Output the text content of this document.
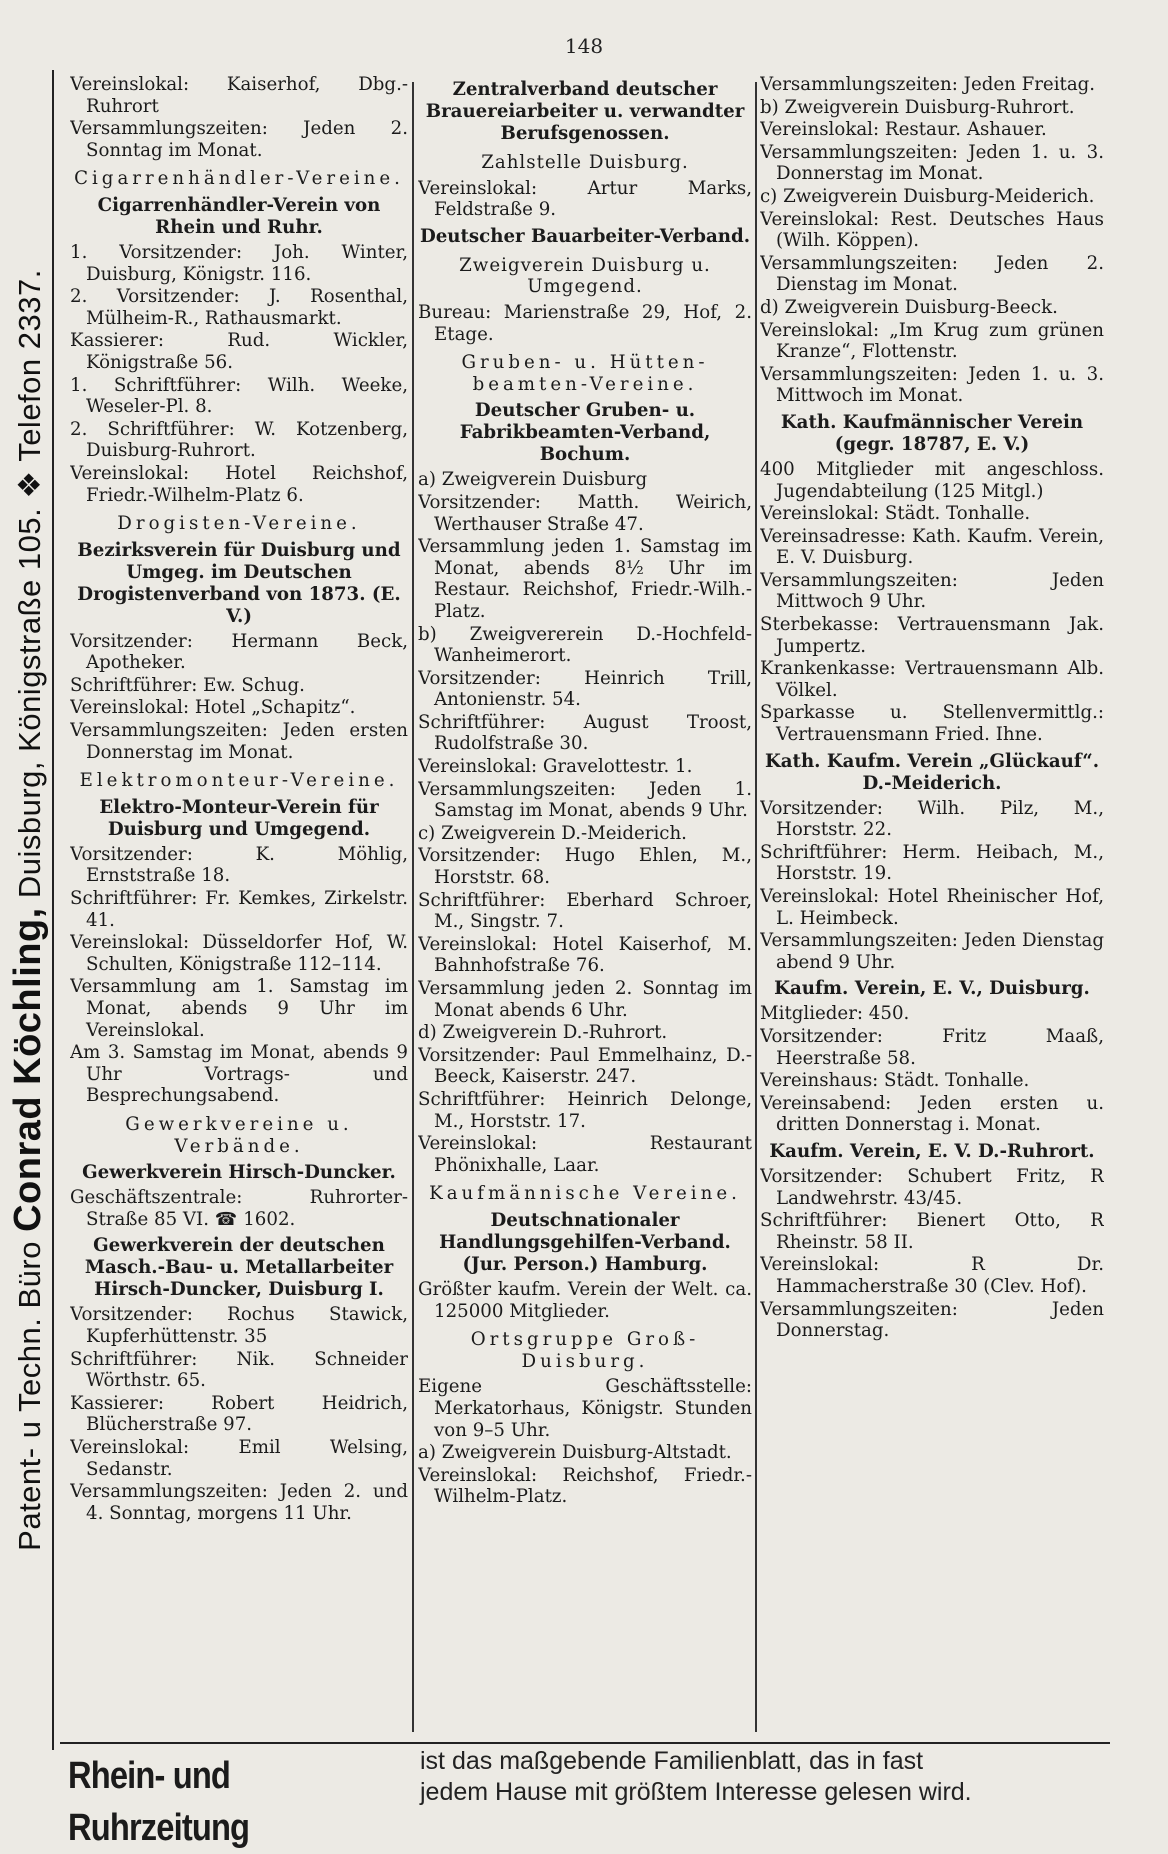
148
Patent- u Techn. Büro Conrad Köchling, Duisburg, Königstraße 105. ❖ Telefon 2337.

Vereinslokal: Kaiserhof, Dbg.-Ruhrort

Versammlungszeiten: Jeden 2. Sonntag im Monat.

Cigarrenhändler-Vereine.

Cigarrenhändler-Verein von Rhein und Ruhr.

1. Vorsitzender: Joh. Winter, Duisburg, Königstr. 116.

2. Vorsitzender: J. Rosenthal, Mülheim-R., Rathausmarkt.

Kassierer: Rud. Wickler, Königstraße 56.

1. Schriftführer: Wilh. Weeke, Weseler-Pl. 8.

2. Schriftführer: W. Kotzenberg, Duisburg-Ruhrort.

Vereinslokal: Hotel Reichshof, Friedr.-Wilhelm-Platz 6.

Drogisten-Vereine.

Bezirksverein für Duisburg und Umgeg. im Deutschen Drogistenverband von 1873. (E. V.)

Vorsitzender: Hermann Beck, Apotheker.

Schriftführer: Ew. Schug.

Vereinslokal: Hotel „Schapitz“.

Versammlungszeiten: Jeden ersten Donnerstag im Monat.

Elektromonteur-Vereine.

Elektro-Monteur-Verein für Duisburg und Umgegend.

Vorsitzender: K. Möhlig, Ernststraße 18.

Schriftführer: Fr. Kemkes, Zirkelstr. 41.

Vereinslokal: Düsseldorfer Hof, W. Schulten, Königstraße 112–114.

Versammlung am 1. Samstag im Monat, abends 9 Uhr im Vereinslokal.

Am 3. Samstag im Monat, abends 9 Uhr Vortrags- und Besprechungsabend.

Gewerkvereine u. Verbände.

Gewerkverein Hirsch-Duncker.

Geschäftszentrale: Ruhrorter-Straße 85 VI. ☎ 1602.

Gewerkverein der deutschen Masch.-Bau- u. Metallarbeiter Hirsch-Duncker, Duisburg I.

Vorsitzender: Rochus Stawick, Kupferhüttenstr. 35

Schriftführer: Nik. Schneider Wörthstr. 65.

Kassierer: Robert Heidrich, Blücherstraße 97.

Vereinslokal: Emil Welsing, Sedanstr.

Versammlungszeiten: Jeden 2. und 4. Sonntag, morgens 11 Uhr.

Zentralverband deutscher Brauereiarbeiter u. verwandter Berufsgenossen.

Zahlstelle Duisburg.

Vereinslokal: Artur Marks, Feldstraße 9.

Deutscher Bauarbeiter-Verband.

Zweigverein Duisburg u. Umgegend.

Bureau: Marienstraße 29, Hof, 2. Etage.

Gruben- u. Hütten-beamten-Vereine.

Deutscher Gruben- u. Fabrikbeamten-Verband, Bochum.

a) Zweigverein Duisburg

Vorsitzender: Matth. Weirich, Werthauser Straße 47.

Versammlung jeden 1. Samstag im Monat, abends 8½ Uhr im Restaur. Reichshof, Friedr.-Wilh.-Platz.

b) Zweigvererein D.-Hochfeld-Wanheimerort.

Vorsitzender: Heinrich Trill, Antonienstr. 54.

Schriftführer: August Troost, Rudolfstraße 30.

Vereinslokal: Gravelottestr. 1.

Versammlungszeiten: Jeden 1. Samstag im Monat, abends 9 Uhr.

c) Zweigverein D.-Meiderich.

Vorsitzender: Hugo Ehlen, M., Horststr. 68.

Schriftführer: Eberhard Schroer, M., Singstr. 7.

Vereinslokal: Hotel Kaiserhof, M. Bahnhofstraße 76.

Versammlung jeden 2. Sonntag im Monat abends 6 Uhr.

d) Zweigverein D.-Ruhrort.

Vorsitzender: Paul Emmelhainz, D.-Beeck, Kaiserstr. 247.

Schriftführer: Heinrich Delonge, M., Horststr. 17.

Vereinslokal: Restaurant Phönixhalle, Laar.

Kaufmännische Vereine.

Deutschnationaler Handlungsgehilfen-Verband. (Jur. Person.) Hamburg.

Größter kaufm. Verein der Welt. ca. 125000 Mitglieder.

Ortsgruppe Groß-Duisburg.

Eigene Geschäftsstelle: Merkatorhaus, Königstr. Stunden von 9–5 Uhr.

a) Zweigverein Duisburg-Altstadt.

Vereinslokal: Reichshof, Friedr.-Wilhelm-Platz.

Versammlungszeiten: Jeden Freitag.

b) Zweigverein Duisburg-Ruhrort.

Vereinslokal: Restaur. Ashauer.

Versammlungszeiten: Jeden 1. u. 3. Donnerstag im Monat.

c) Zweigverein Duisburg-Meiderich.

Vereinslokal: Rest. Deutsches Haus (Wilh. Köppen).

Versammlungszeiten: Jeden 2. Dienstag im Monat.

d) Zweigverein Duisburg-Beeck.

Vereinslokal: „Im Krug zum grünen Kranze“, Flottenstr.

Versammlungszeiten: Jeden 1. u. 3. Mittwoch im Monat.

Kath. Kaufmännischer Verein (gegr. 18787, E. V.)

400 Mitglieder mit angeschloss. Jugendabteilung (125 Mitgl.)

Vereinslokal: Städt. Tonhalle.

Vereinsadresse: Kath. Kaufm. Verein, E. V. Duisburg.

Versammlungszeiten: Jeden Mittwoch 9 Uhr.

Sterbekasse: Vertrauensmann Jak. Jumpertz.

Krankenkasse: Vertrauensmann Alb. Völkel.

Sparkasse u. Stellenvermittlg.: Vertrauensmann Fried. Ihne.

Kath. Kaufm. Verein „Glückauf“. D.-Meiderich.

Vorsitzender: Wilh. Pilz, M., Horststr. 22.

Schriftführer: Herm. Heibach, M., Horststr. 19.

Vereinslokal: Hotel Rheinischer Hof, L. Heimbeck.

Versammlungszeiten: Jeden Dienstag abend 9 Uhr.

Kaufm. Verein, E. V., Duisburg.

Mitglieder: 450.

Vorsitzender: Fritz Maaß, Heerstraße 58.

Vereinshaus: Städt. Tonhalle.

Vereinsabend: Jeden ersten u. dritten Donnerstag i. Monat.

Kaufm. Verein, E. V. D.-Ruhrort.

Vorsitzender: Schubert Fritz, R Landwehrstr. 43/45.

Schriftführer: Bienert Otto, R Rheinstr. 58 II.

Vereinslokal: R Dr. Hammacherstraße 30 (Clev. Hof).

Versammlungszeiten: Jeden Donnerstag.

Rhein- und Ruhrzeitung
ist das maßgebende Familienblatt, das in fast
jedem Hause mit größtem Interesse gelesen wird.
